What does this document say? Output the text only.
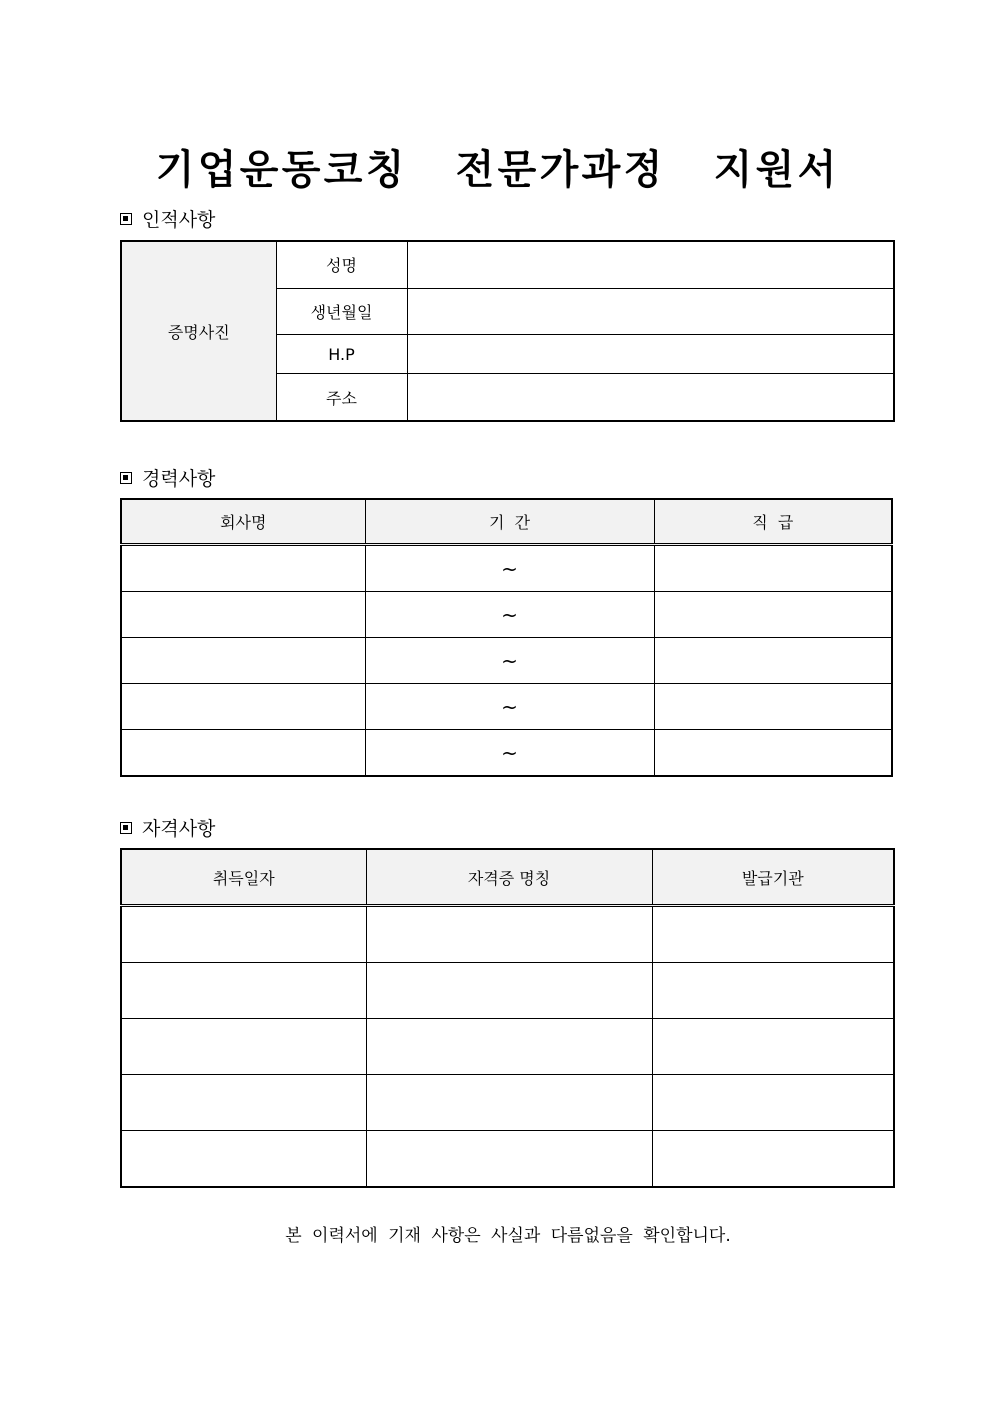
기업운동코칭 전문가과정 지원서
인적사항
증명사진	성명	
	생년월일	
	H.P	
	주소	
경력사항
회사명	기  간	직  급
	~	
	~	
	~	
	~	
	~	
자격사항
취득일자	자격증 명칭	발급기관

본 이력서에 기재 사항은 사실과 다름없음을 확인합니다.
